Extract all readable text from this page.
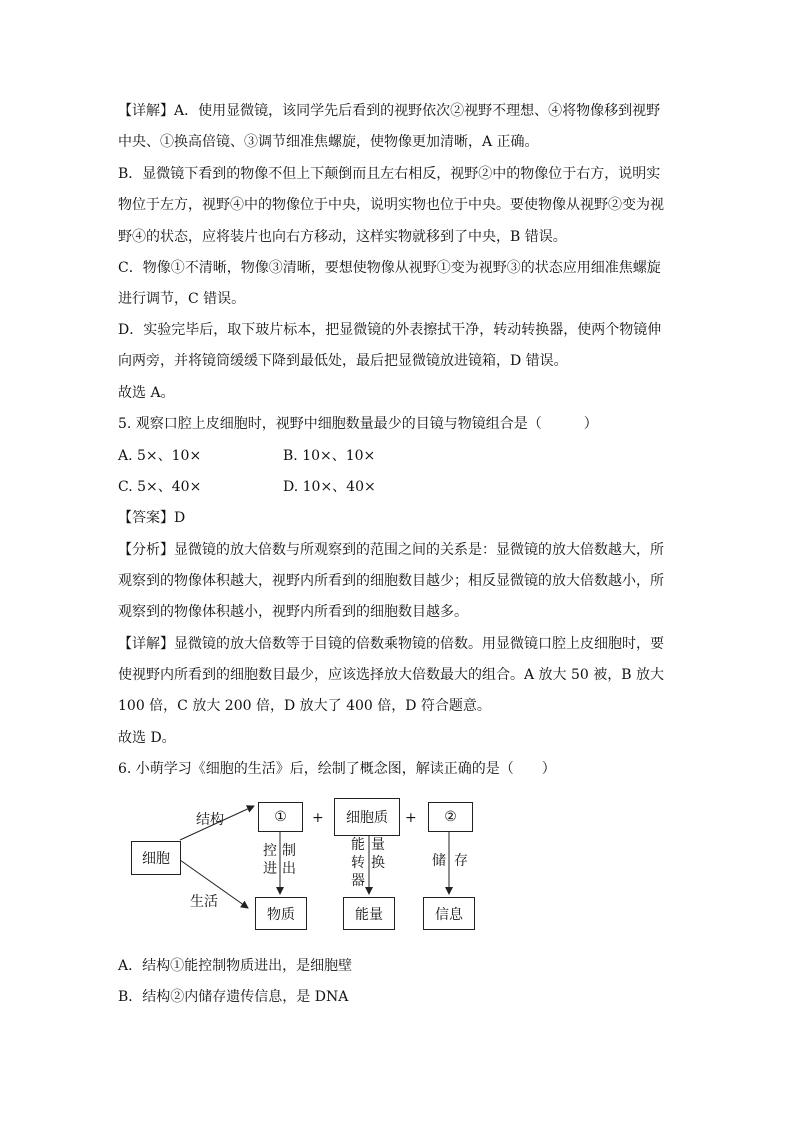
【详解】A．使用显微镜，该同学先后看到的视野依次②视野不理想、④将物像移到视野
中央、①换高倍镜、③调节细准焦螺旋，使物像更加清晰，A 正确。
B．显微镜下看到的物像不但上下颠倒而且左右相反，视野②中的物像位于右方，说明实
物位于左方，视野④中的物像位于中央，说明实物也位于中央。要使物像从视野②变为视
野④的状态，应将装片也向右方移动，这样实物就移到了中央，B 错误。
C．物像①不清晰，物像③清晰，要想使物像从视野①变为视野③的状态应用细准焦螺旋
进行调节，C 错误。
D．实验完毕后，取下玻片标本，把显微镜的外表擦拭干净，转动转换器，使两个物镜伸
向两旁，并将镜筒缓缓下降到最低处，最后把显微镜放进镜箱，D 错误。
故选 A。
5. 观察口腔上皮细胞时，视野中细胞数量最少的目镜与物镜组合是（　　　）
A. 5×、10×	B. 10×、10×
C. 5×、40×	D. 10×、40×
【答案】D
【分析】显微镜的放大倍数与所观察到的范围之间的关系是：显微镜的放大倍数越大，所
观察到的物像体积越大，视野内所看到的细胞数目越少；相反显微镜的放大倍数越小，所
观察到的物像体积越小，视野内所看到的细胞数目越多。
【详解】显微镜的放大倍数等于目镜的倍数乘物镜的倍数。用显微镜口腔上皮细胞时，要
使视野内所看到的细胞数目最少，应该选择放大倍数最大的组合。A 放大 50 被，B 放大
100 倍，C 放大 200 倍，D 放大了 400 倍，D 符合题意。
故选 D。
6. 小萌学习《细胞的生活》后，绘制了概念图，解读正确的是（　　）
细胞
结构
生活
①	+	细胞质	+	②
控进
制出
能转器
量换	储 存
物质	能量	信息
A．结构①能控制物质进出，是细胞壁
B．结构②内储存遗传信息，是 DNA
